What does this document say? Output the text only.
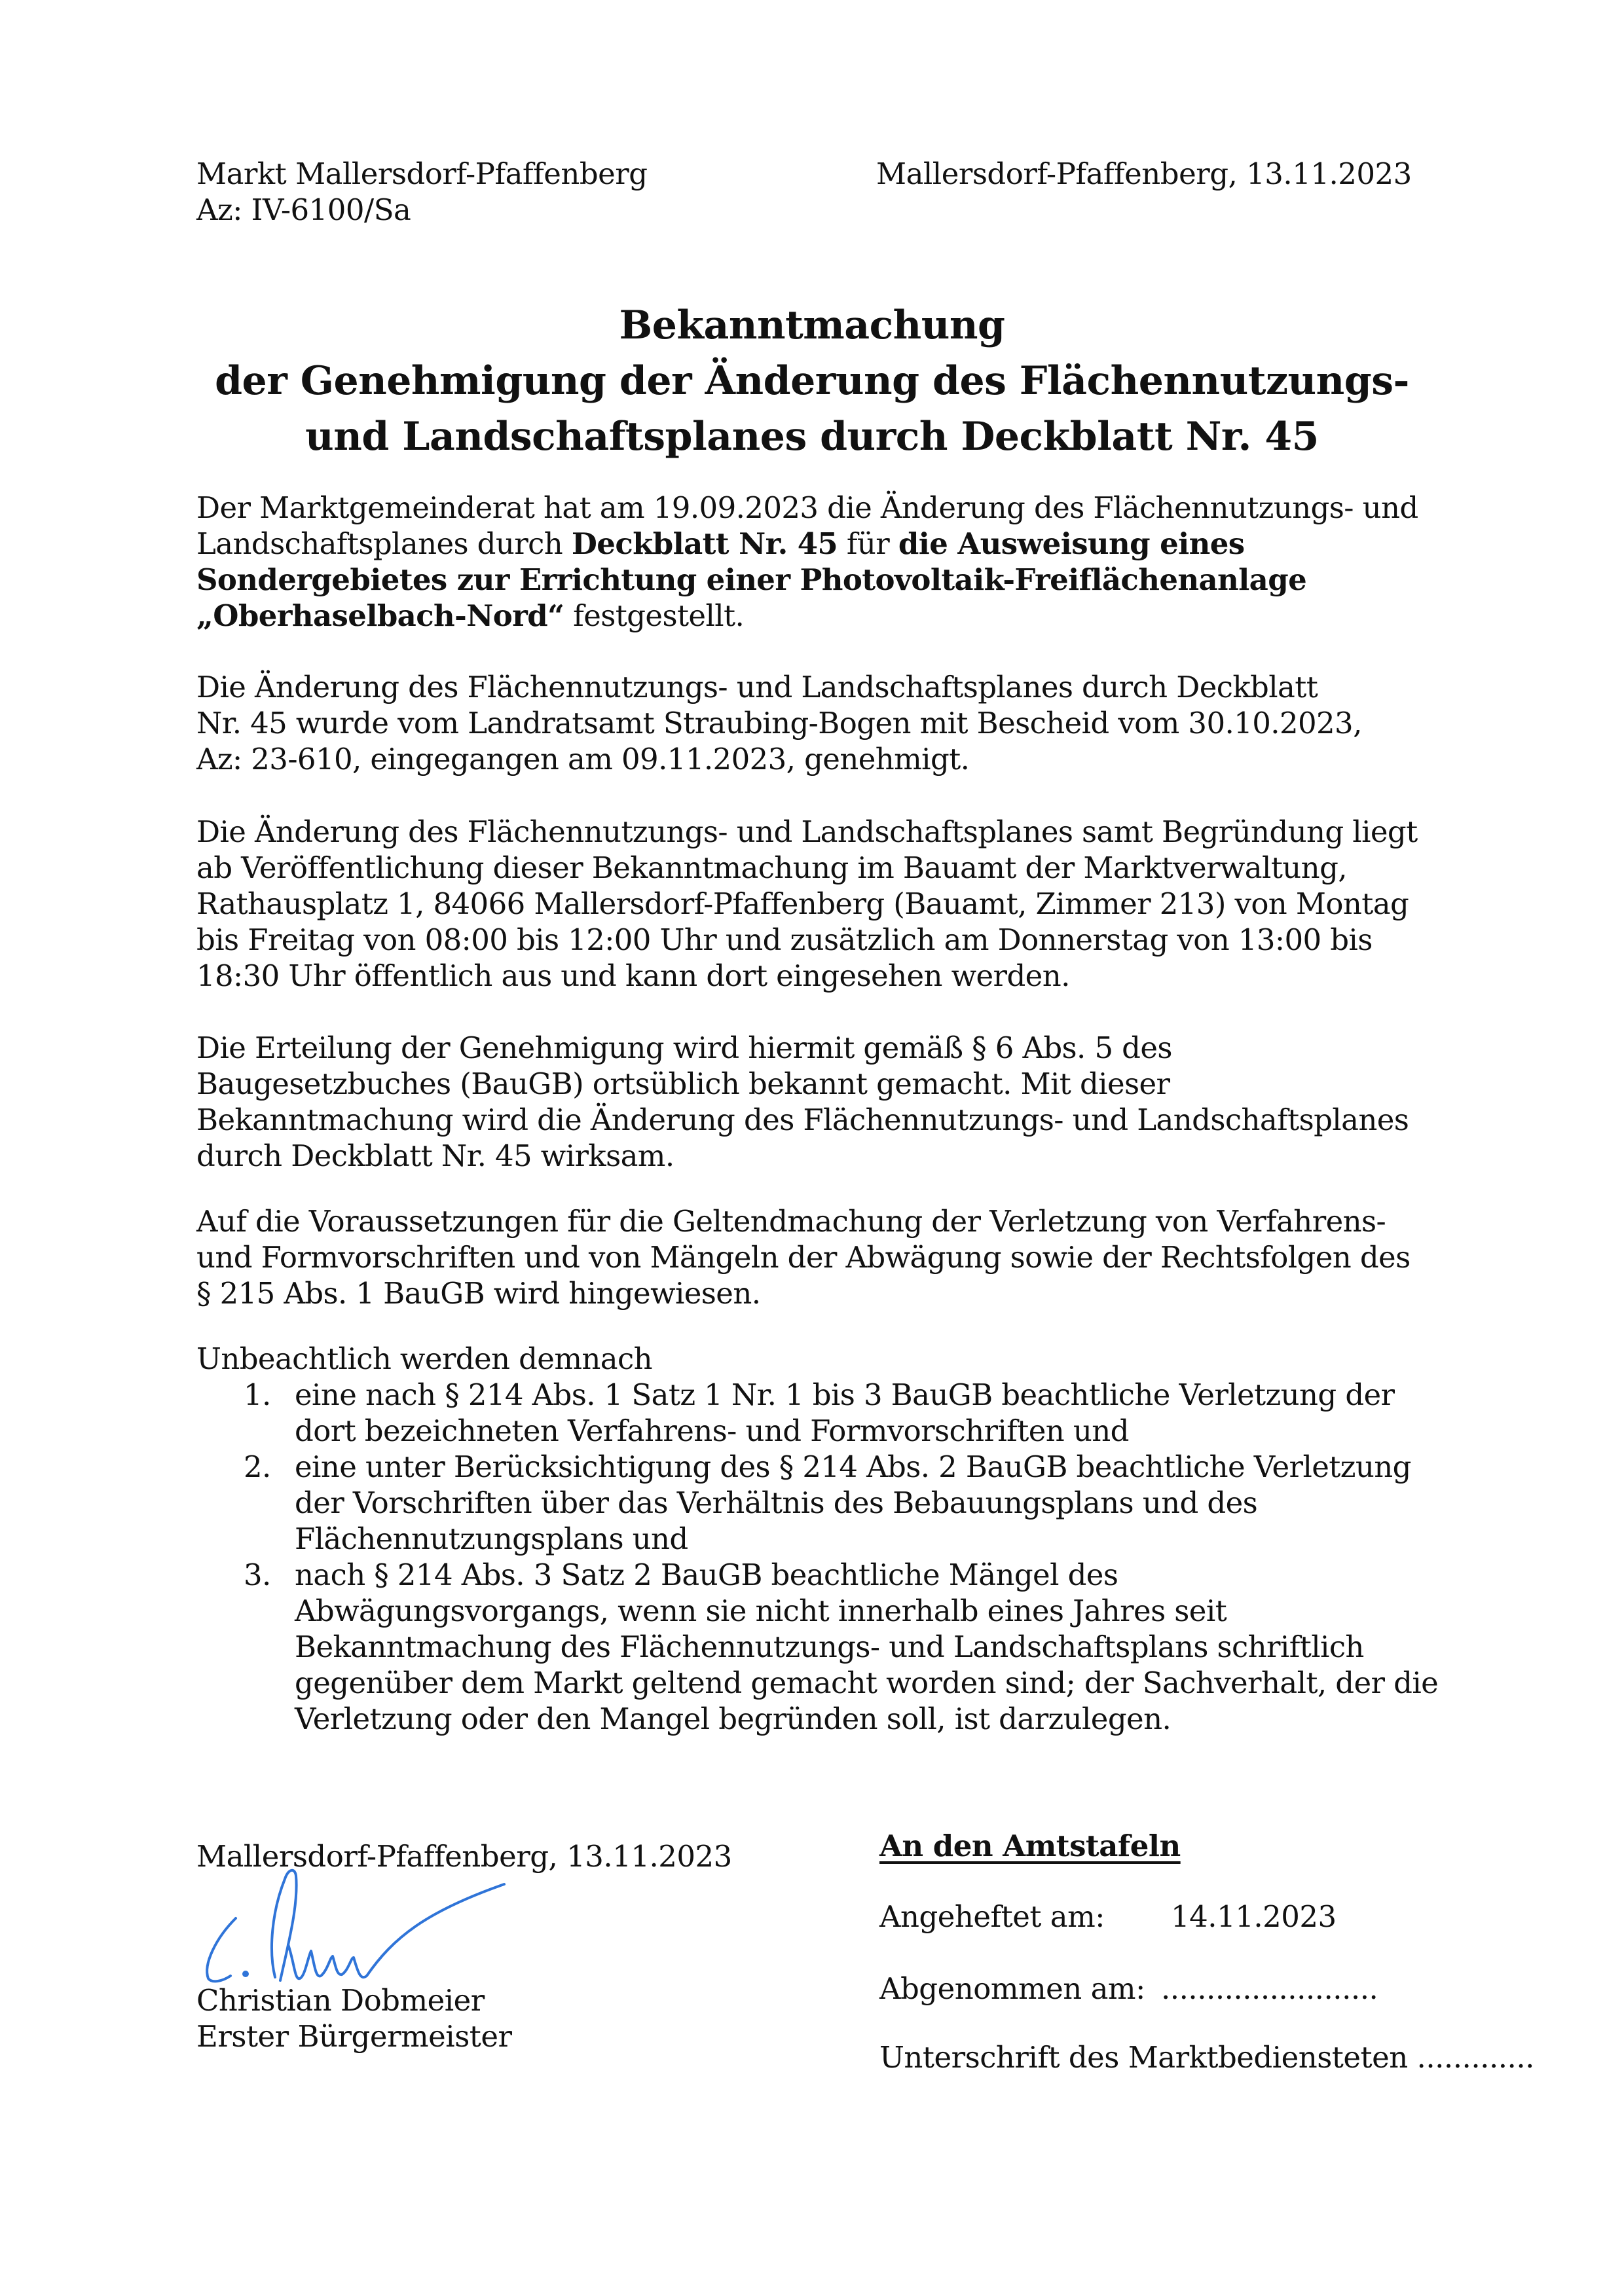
Markt Mallersdorf-Pfaffenberg
Az: IV-6100/Sa
Mallersdorf-Pfaffenberg, 13.11.2023
Bekanntmachung
der Genehmigung der Änderung des Flächennutzungs-
und Landschaftsplanes durch Deckblatt Nr. 45
Der Marktgemeinderat hat am 19.09.2023 die Änderung des Flächennutzungs- und
Landschaftsplanes durch Deckblatt Nr. 45 für die Ausweisung eines
Sondergebietes zur Errichtung einer Photovoltaik-Freiflächenanlage
„Oberhaselbach-Nord“ festgestellt.
Die Änderung des Flächennutzungs- und Landschaftsplanes durch Deckblatt
Nr. 45 wurde vom Landratsamt Straubing-Bogen mit Bescheid vom 30.10.2023,
Az: 23-610, eingegangen am 09.11.2023, genehmigt.
Die Änderung des Flächennutzungs- und Landschaftsplanes samt Begründung liegt
ab Veröffentlichung dieser Bekanntmachung im Bauamt der Marktverwaltung,
Rathausplatz 1, 84066 Mallersdorf-Pfaffenberg (Bauamt, Zimmer 213) von Montag
bis Freitag von 08:00 bis 12:00 Uhr und zusätzlich am Donnerstag von 13:00 bis
18:30 Uhr öffentlich aus und kann dort eingesehen werden.
Die Erteilung der Genehmigung wird hiermit gemäß § 6 Abs. 5 des
Baugesetzbuches (BauGB) ortsüblich bekannt gemacht. Mit dieser
Bekanntmachung wird die Änderung des Flächennutzungs- und Landschaftsplanes
durch Deckblatt Nr. 45 wirksam.
Auf die Voraussetzungen für die Geltendmachung der Verletzung von Verfahrens-
und Formvorschriften und von Mängeln der Abwägung sowie der Rechtsfolgen des
§ 215 Abs. 1 BauGB wird hingewiesen.
Unbeachtlich werden demnach
1. eine nach § 214 Abs. 1 Satz 1 Nr. 1 bis 3 BauGB beachtliche Verletzung der
dort bezeichneten Verfahrens- und Formvorschriften und
2. eine unter Berücksichtigung des § 214 Abs. 2 BauGB beachtliche Verletzung
der Vorschriften über das Verhältnis des Bebauungsplans und des
Flächennutzungsplans und
3. nach § 214 Abs. 3 Satz 2 BauGB beachtliche Mängel des
Abwägungsvorgangs, wenn sie nicht innerhalb eines Jahres seit
Bekanntmachung des Flächennutzungs- und Landschaftsplans schriftlich
gegenüber dem Markt geltend gemacht worden sind; der Sachverhalt, der die
Verletzung oder den Mangel begründen soll, ist darzulegen.
Mallersdorf-Pfaffenberg, 13.11.2023
Christian Dobmeier
Erster Bürgermeister
An den Amtstafeln
Angeheftet am: 14.11.2023
Abgenommen am: ........................
Unterschrift des Marktbediensteten .............
